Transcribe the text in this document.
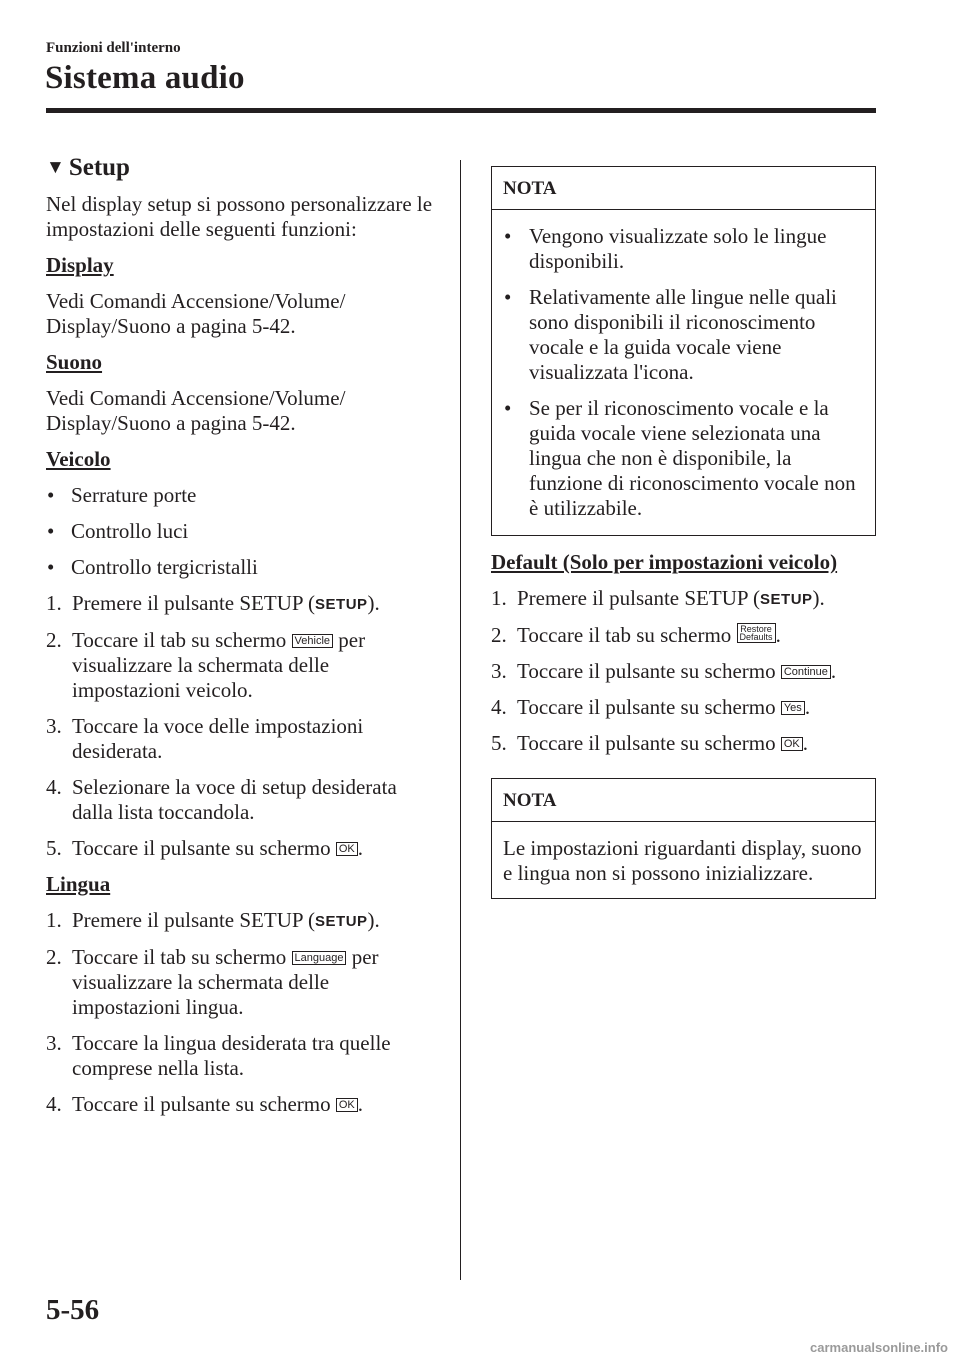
Funzioni dell'interno
Sistema audio
▼ Setup

Nel display setup si possono personalizzare le impostazioni delle seguenti funzioni:

Display

Vedi Comandi Accensione/Volume/ Display/Suono a pagina 5-42.

Suono

Vedi Comandi Accensione/Volume/ Display/Suono a pagina 5-42.

Veicolo
• Serrature porte
• Controllo luci
• Controllo tergicristalli
1. Premere il pulsante SETUP (SETUP).
2. Toccare il tab su schermo Vehicle per visualizzare la schermata delle impostazioni veicolo.
3. Toccare la voce delle impostazioni desiderata.
4. Selezionare la voce di setup desiderata dalla lista toccandola.
5. Toccare il pulsante su schermo OK .
Lingua
1. Premere il pulsante SETUP (SETUP).
2. Toccare il tab su schermo Language per visualizzare la schermata delle impostazioni lingua.
3. Toccare la lingua desiderata tra quelle comprese nella lista.
4. Toccare il pulsante su schermo OK .
NOTA
• Vengono visualizzate solo le lingue disponibili.
• Relativamente alle lingue nelle quali sono disponibili il riconoscimento vocale e la guida vocale viene visualizzata l'icona.
• Se per il riconoscimento vocale e la guida vocale viene selezionata una lingua che non è disponibile, la funzione di riconoscimento vocale non è utilizzabile.
Default (Solo per impostazioni veicolo)
1. Premere il pulsante SETUP (SETUP).
2. Toccare il tab su schermo Restore
Defaults .
3. Toccare il pulsante su schermo Continue .
4. Toccare il pulsante su schermo Yes .
5. Toccare il pulsante su schermo OK .
NOTA
Le impostazioni riguardanti display, suono e lingua non si possono inizializzare.
5-56
carmanualsonline.info
